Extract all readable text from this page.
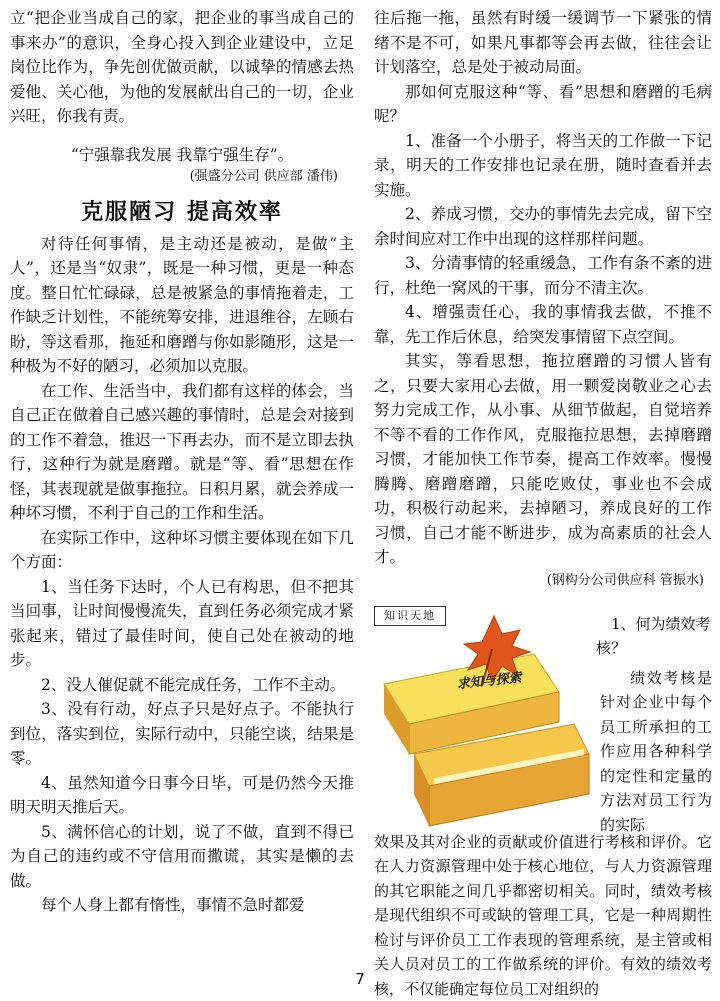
立“把企业当成自己的家，把企业的事当成自己的事来办”的意识，全身心投入到企业建设中，立足岗位比作为，争先创优做贡献，以诚挚的情感去热爱他、关心他，为他的发展献出自己的一切，企业兴旺，你我有责。

“宁强靠我发展 我靠宁强生存”。
(强盛分公司 供应部 潘伟)
克服陋习 提高效率

对待任何事情，是主动还是被动，是做“主人”，还是当“奴隶”，既是一种习惯，更是一种态度。整日忙忙碌碌，总是被紧急的事情拖着走，工作缺乏计划性，不能统筹安排，进退维谷，左顾右盼，等这看那，拖延和磨蹭与你如影随形，这是一种极为不好的陋习，必须加以克服。

在工作、生活当中，我们都有这样的体会，当自己正在做着自己感兴趣的事情时，总是会对接到的工作不着急，推迟一下再去办，而不是立即去执行，这种行为就是磨蹭。就是“等、看”思想在作怪，其表现就是做事拖拉。日积月累，就会养成一种坏习惯，不利于自己的工作和生活。

在实际工作中，这种坏习惯主要体现在如下几个方面：

1、当任务下达时，个人已有构思，但不把其当回事，让时间慢慢流失，直到任务必须完成才紧张起来，错过了最佳时间，使自己处在被动的地步。

2、没人催促就不能完成任务，工作不主动。

3、没有行动，好点子只是好点子。不能执行到位，落实到位，实际行动中，只能空谈，结果是零。

4、虽然知道今日事今日毕，可是仍然今天推明天明天推后天。

5、满怀信心的计划，说了不做，直到不得已为自己的违约或不守信用而撒谎，其实是懒的去做。

每个人身上都有惰性，事情不急时都爱

往后拖一拖，虽然有时缓一缓调节一下紧张的情绪不是不可，如果凡事都等会再去做，往往会让计划落空，总是处于被动局面。

那如何克服这种“等、看”思想和磨蹭的毛病呢？

1、准备一个小册子，将当天的工作做一下记录，明天的工作安排也记录在册，随时查看并去实施。

2、养成习惯，交办的事情先去完成，留下空余时间应对工作中出现的这样那样问题。

3、分清事情的轻重缓急，工作有条不紊的进行，杜绝一窝风的干事，而分不清主次。

4、增强责任心，我的事情我去做，不推不靠，先工作后休息，给突发事情留下点空间。

其实，等看思想，拖拉磨蹭的习惯人皆有之，只要大家用心去做，用一颗爱岗敬业之心去努力完成工作，从小事、从细节做起，自觉培养不等不看的工作作风，克服拖拉思想，去掉磨蹭习惯，才能加快工作节奏，提高工作效率。慢慢腾腾、磨蹭磨蹭，只能吃败仗，事业也不会成功，积极行动起来，去掉陋习，养成良好的工作习惯，自己才能不断进步，成为高素质的社会人才。

(钢构分公司供应科 管振水)
知识天地
求知与探索
1、何为绩效考核？
绩效考核是针对企业中每个员工所承担的工作应用各种科学的定性和定量的方法对员工行为的实际

效果及其对企业的贡献或价值进行考核和评价。它在人力资源管理中处于核心地位，与人力资源管理的其它职能之间几乎都密切相关。同时，绩效考核是现代组织不可或缺的管理工具，它是一种周期性检讨与评价员工工作表现的管理系统，是主管或相关人员对员工的工作做系统的评价。有效的绩效考核，不仅能确定每位员工对组织的

7
